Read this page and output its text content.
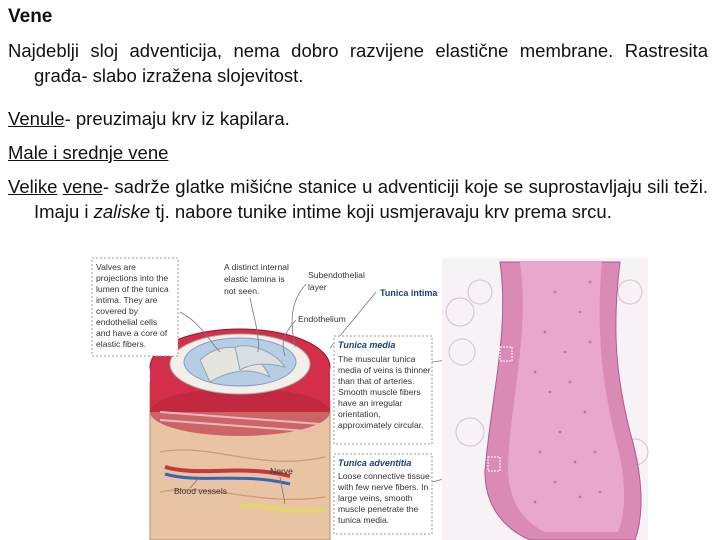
Vene
Najdeblji sloj adventicija, nema dobro razvijene elastične membrane. Rastresita građa- slabo izražena slojevitost.
Venule- preuzimaju krv iz kapilara.
Male i srednje vene
Velike vene- sadrže glatke mišićne stanice u adventiciji koje se suprostavljaju sili teži. Imaju i zaliske tj. nabore tunike intime koji usmjeravaju krv prema srcu.
Valves are
projections into the
lumen of the tunica
intima. They are
covered by
endothelial cells
and have a core of
elastic fibers.
A distinct internal
elastic lamina is
not seen.
Subendothelial
layer
Endothelium
Tunica intima
Tunica media
The muscular tunica
media of veins is thinner
than that of arteries.
Smooth muscle fibers
have an irregular
orientation,
approximately circular.
Tunica adventitia
Loose connective tissue
with few nerve fibers. In
large veins, smooth
muscle penetrate the
tunica media.
Nerve
Blood vessels
